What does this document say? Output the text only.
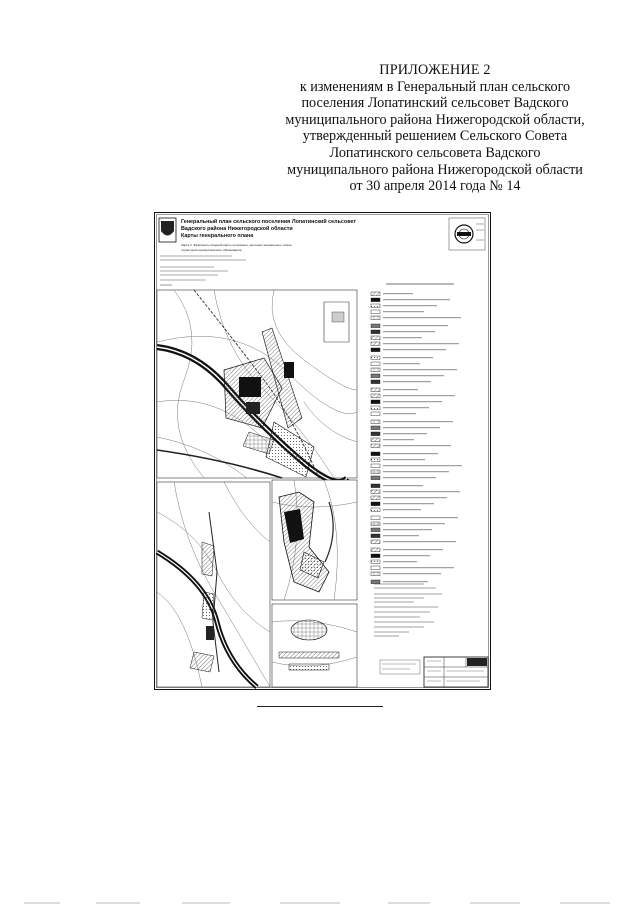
ПРИЛОЖЕНИЕ 2
к изменениям в Генеральный план сельского
поселения Лопатинский сельсовет Вадского
муниципального района Нижегородской области,
утвержденный решением Сельского Совета
Лопатинского сельсовета Вадского
муниципального района Нижегородской области
от 30 апреля 2014 года № 14
Генеральный план сельского поселения Лопатинский сельсовет
Вадского района Нижегородской области
Карты генерального плана
Карта 2. Фрагменты сводной карты (основного чертежа) генерального плана
территории муниципального образования
